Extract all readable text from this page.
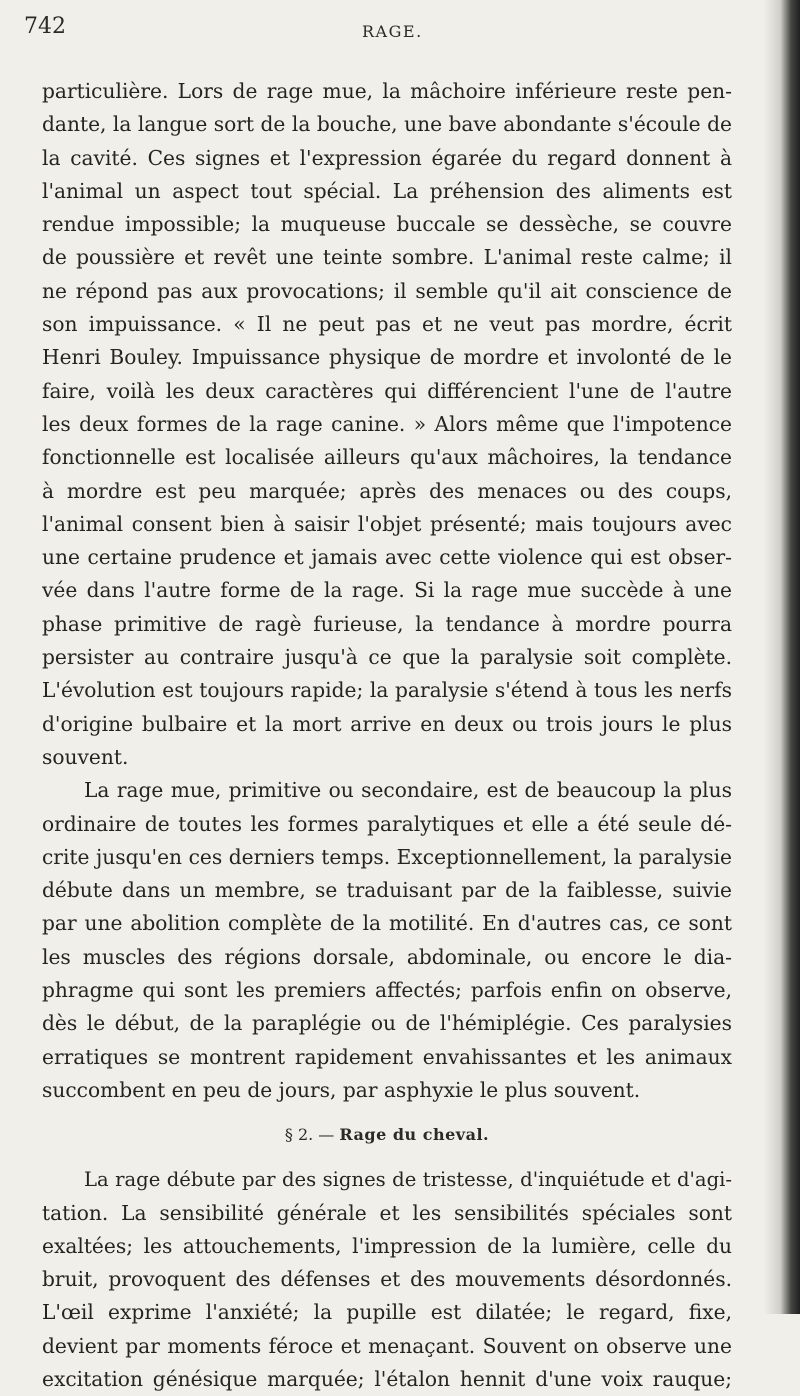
742	RAGE.
particulière. Lors de rage mue, la mâchoire inférieure reste pen-
dante, la langue sort de la bouche, une bave abondante s'écoule de
la cavité. Ces signes et l'expression égarée du regard donnent à
l'animal un aspect tout spécial. La préhension des aliments est
rendue impossible; la muqueuse buccale se dessèche, se couvre
de poussière et revêt une teinte sombre. L'animal reste calme; il
ne répond pas aux provocations; il semble qu'il ait conscience de
son impuissance. « Il ne peut pas et ne veut pas mordre, écrit
Henri Bouley. Impuissance physique de mordre et involonté de le
faire, voilà les deux caractères qui différencient l'une de l'autre
les deux formes de la rage canine. » Alors même que l'impotence
fonctionnelle est localisée ailleurs qu'aux mâchoires, la tendance
à mordre est peu marquée; après des menaces ou des coups,
l'animal consent bien à saisir l'objet présenté; mais toujours avec
une certaine prudence et jamais avec cette violence qui est obser-
vée dans l'autre forme de la rage. Si la rage mue succède à une
phase primitive de ragè furieuse, la tendance à mordre pourra
persister au contraire jusqu'à ce que la paralysie soit complète.
L'évolution est toujours rapide; la paralysie s'étend à tous les nerfs
d'origine bulbaire et la mort arrive en deux ou trois jours le plus
souvent.
La rage mue, primitive ou secondaire, est de beaucoup la plus
ordinaire de toutes les formes paralytiques et elle a été seule dé-
crite jusqu'en ces derniers temps. Exceptionnellement, la paralysie
débute dans un membre, se traduisant par de la faiblesse, suivie
par une abolition complète de la motilité. En d'autres cas, ce sont
les muscles des régions dorsale, abdominale, ou encore le dia-
phragme qui sont les premiers affectés; parfois enfin on observe,
dès le début, de la paraplégie ou de l'hémiplégie. Ces paralysies
erratiques se montrent rapidement envahissantes et les animaux
succombent en peu de jours, par asphyxie le plus souvent.
§ 2. — Rage du cheval.
La rage débute par des signes de tristesse, d'inquiétude et d'agi-
tation. La sensibilité générale et les sensibilités spéciales sont
exaltées; les attouchements, l'impression de la lumière, celle du
bruit, provoquent des défenses et des mouvements désordonnés.
L'œil exprime l'anxiété; la pupille est dilatée; le regard, fixe,
devient par moments féroce et menaçant. Souvent on observe une
excitation génésique marquée; l'étalon hennit d'une voix rauque;
